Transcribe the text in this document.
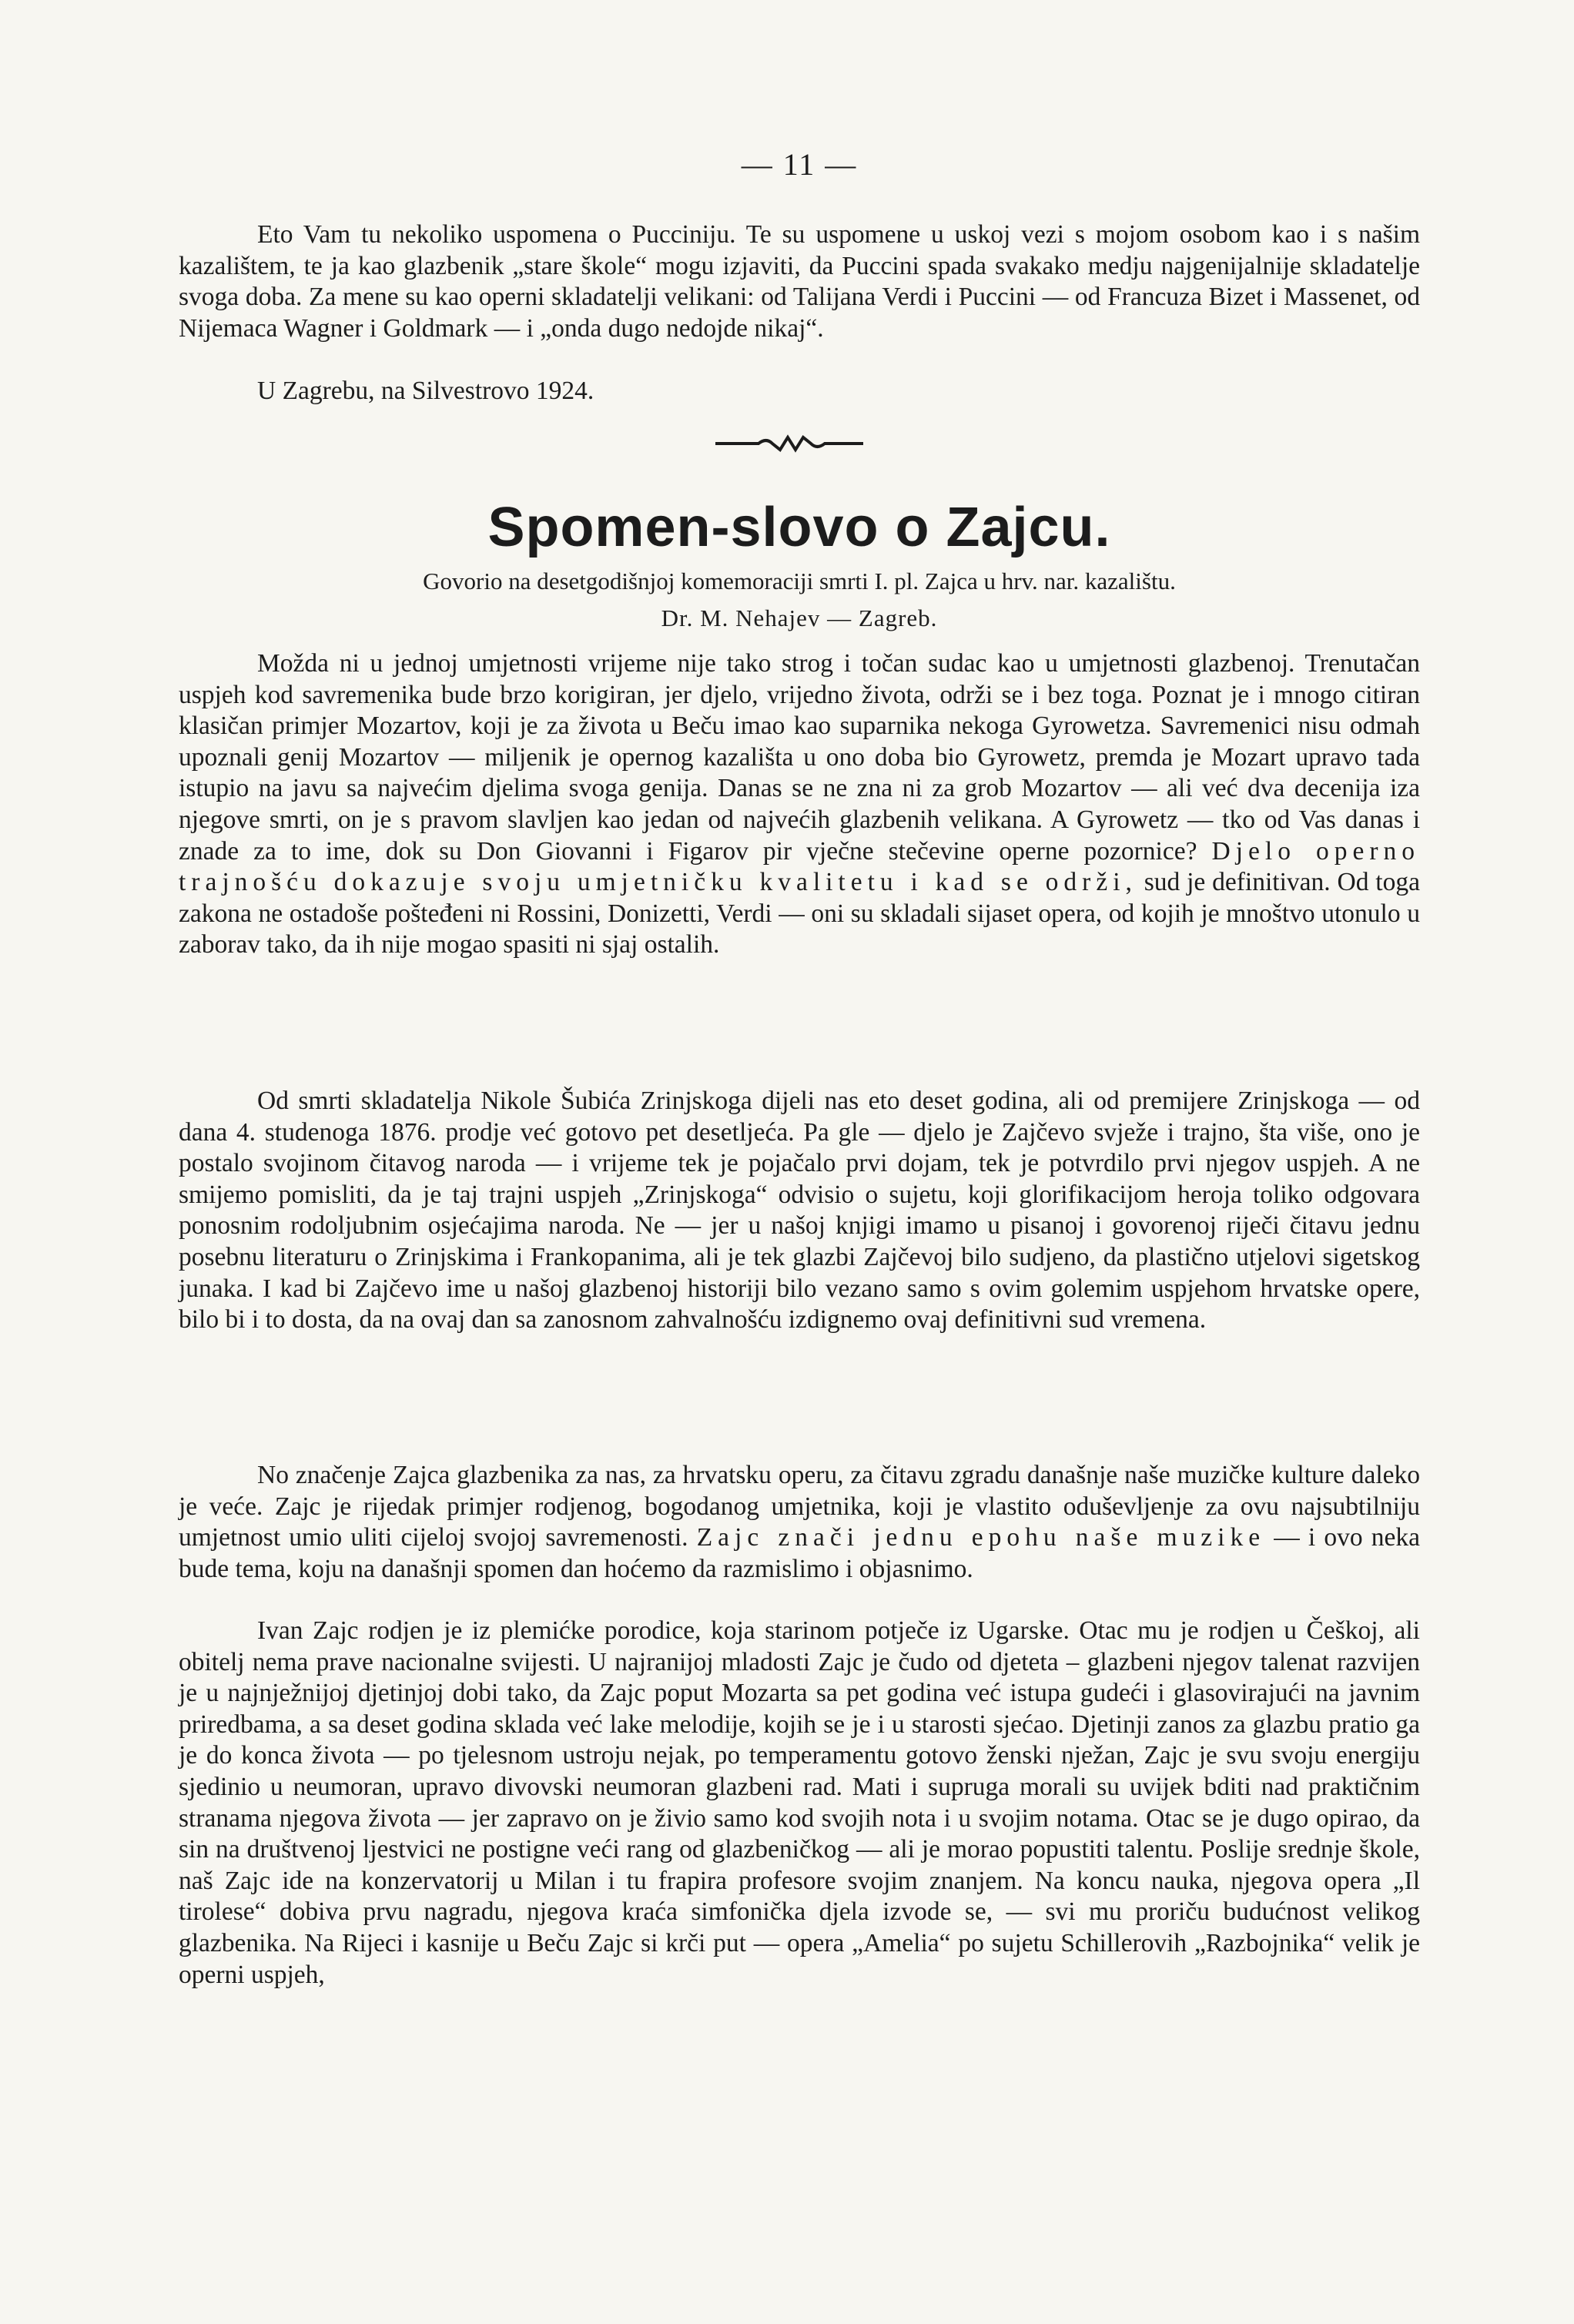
— 11 —

Eto Vam tu nekoliko uspomena o Pucciniju. Te su uspomene u uskoj vezi s mojom osobom kao i s našim kazalištem, te ja kao glazbenik „stare škole“ mogu izjaviti, da Puccini spada svakako medju najgenijalnije skladatelje svoga doba. Za mene su kao operni skladatelji velikani: od Talijana Verdi i Puccini — od Francuza Bizet i Massenet, od Nijemaca Wagner i Goldmark — i „onda dugo nedojde nikaj“.

U Zagrebu, na Silvestrovo 1924.

Spomen-slovo o Zajcu.
Govorio na desetgodišnjoj komemoraciji smrti I. pl. Zajca u hrv. nar. kazalištu.
Dr. M. Nehajev — Zagreb.

Možda ni u jednoj umjetnosti vrijeme nije tako strog i točan sudac kao u umjetnosti glazbenoj. Trenutačan uspjeh kod savremenika bude brzo korigiran, jer djelo, vrijedno života, održi se i bez toga. Poznat je i mnogo citiran klasičan primjer Mozartov, koji je za života u Beču imao kao suparnika nekoga Gyrowetza. Savremenici nisu odmah upoznali genij Mozartov — miljenik je opernog kazališta u ono doba bio Gyrowetz, premda je Mozart upravo tada istupio na javu sa najvećim djelima svoga genija. Danas se ne zna ni za grob Mozartov — ali već dva decenija iza njegove smrti, on je s pravom slavljen kao jedan od najvećih glazbenih velikana. A Gyrowetz — tko od Vas danas i znade za to ime, dok su Don Giovanni i Figarov pir vječne stečevine operne pozornice? Djelo operno trajnošću dokazuje svoju umjetničku kvalitetu i kad se održi, sud je definitivan. Od toga zakona ne ostadoše pošteđeni ni Rossini, Donizetti, Verdi — oni su skladali sijaset opera, od kojih je mnoštvo utonulo u zaborav tako, da ih nije mogao spasiti ni sjaj ostalih.

Od smrti skladatelja Nikole Šubića Zrinjskoga dijeli nas eto deset godina, ali od premijere Zrinjskoga — od dana 4. studenoga 1876. prodje već gotovo pet desetljeća. Pa gle — djelo je Zajčevo svježe i trajno, šta više, ono je postalo svojinom čitavog naroda — i vrijeme tek je pojačalo prvi dojam, tek je potvrdilo prvi njegov uspjeh. A ne smijemo pomisliti, da je taj trajni uspjeh „Zrinjskoga“ odvisio o sujetu, koji glorifikacijom heroja toliko odgovara ponosnim rodoljubnim osjećajima naroda. Ne — jer u našoj knjigi imamo u pisanoj i govorenoj riječi čitavu jednu posebnu literaturu o Zrinjskima i Frankopanima, ali je tek glazbi Zajčevoj bilo sudjeno, da plastično utjelovi sigetskog junaka. I kad bi Zajčevo ime u našoj glazbenoj historiji bilo vezano samo s ovim golemim uspjehom hrvatske opere, bilo bi i to dosta, da na ovaj dan sa zanosnom zahvalnošću izdignemo ovaj definitivni sud vremena.

No značenje Zajca glazbenika za nas, za hrvatsku operu, za čitavu zgradu današnje naše muzičke kulture daleko je veće. Zajc je rijedak primjer rodjenog, bogodanog umjetnika, koji je vlastito oduševljenje za ovu najsubtilniju umjetnost umio uliti cijeloj svojoj savremenosti. Zajc znači jednu epohu naše muzike — i ovo neka bude tema, koju na današnji spomen dan hoćemo da razmislimo i objasnimo.

Ivan Zajc rodjen je iz plemićke porodice, koja starinom potječe iz Ugarske. Otac mu je rodjen u Češkoj, ali obitelj nema prave nacionalne svijesti. U najranijoj mladosti Zajc je čudo od djeteta – glazbeni njegov talenat razvijen je u najnježnijoj djetinjoj dobi tako, da Zajc poput Mozarta sa pet godina već istupa gudeći i glasovirajući na javnim priredbama, a sa deset godina sklada već lake melodije, kojih se je i u starosti sjećao. Djetinji zanos za glazbu pratio ga je do konca života — po tjelesnom ustroju nejak, po temperamentu gotovo ženski nježan, Zajc je svu svoju energiju sjedinio u neumoran, upravo divovski neumoran glazbeni rad. Mati i supruga morali su uvijek bditi nad praktičnim stranama njegova života — jer zapravo on je živio samo kod svojih nota i u svojim notama. Otac se je dugo opirao, da sin na društvenoj ljestvici ne postigne veći rang od glazbeničkog — ali je morao popustiti talentu. Poslije srednje škole, naš Zajc ide na konzervatorij u Milan i tu frapira profesore svojim znanjem. Na koncu nauka, njegova opera „Il tirolese“ dobiva prvu nagradu, njegova kraća simfonička djela izvode se, — svi mu proriču budućnost velikog glazbenika. Na Rijeci i kasnije u Beču Zajc si krči put — opera „Amelia“ po sujetu Schillerovih „Razbojnika“ velik je operni uspjeh,
